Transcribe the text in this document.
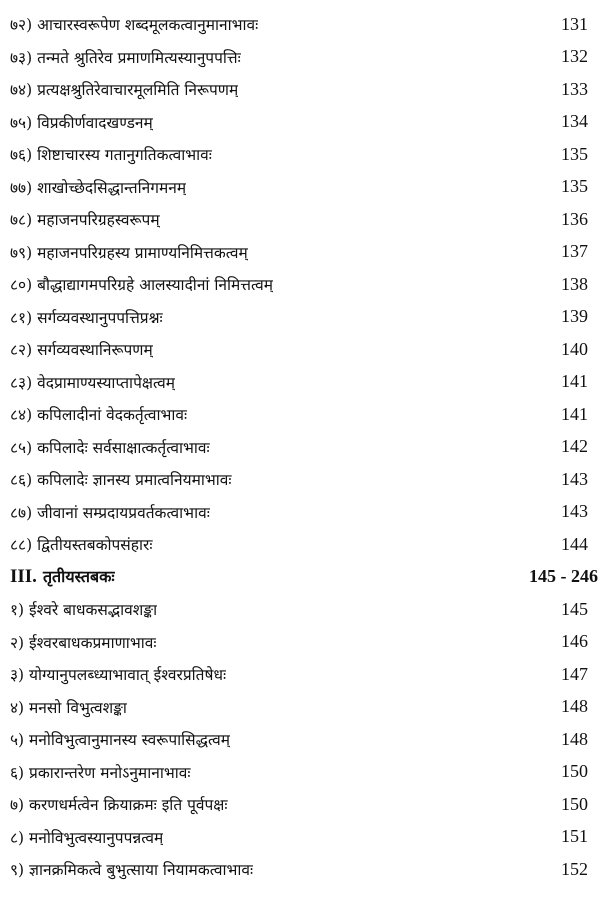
७२) आचारस्वरूपेण शब्दमूलकत्वानुमानाभावः	131
७३) तन्मते श्रुतिरेव प्रमाणमित्यस्यानुपपत्तिः	132
७४) प्रत्यक्षश्रुतिरेवाचारमूलमिति निरूपणम्	133
७५) विप्रकीर्णवादखण्डनम्	134
७६) शिष्टाचारस्य गतानुगतिकत्वाभावः	135
७७) शाखोच्छेदसिद्धान्तनिगमनम्	135
७८) महाजनपरिग्रहस्वरूपम्	136
७९) महाजनपरिग्रहस्य प्रामाण्यनिमित्तकत्वम्	137
८०) बौद्धाद्यागमपरिग्रहे आलस्यादीनां निमित्तत्वम्	138
८१) सर्गव्यवस्थानुपपत्तिप्रश्नः	139
८२) सर्गव्यवस्थानिरूपणम्	140
८३) वेदप्रामाण्यस्याप्तापेक्षत्वम्	141
८४) कपिलादीनां वेदकर्तृत्वाभावः	141
८५) कपिलादेः सर्वसाक्षात्कर्तृत्वाभावः	142
८६) कपिलादेः ज्ञानस्य प्रमात्वनियमाभावः	143
८७) जीवानां सम्प्रदायप्रवर्तकत्वाभावः	143
८८) द्वितीयस्तबकोपसंहारः	144
III. तृतीयस्तबकः	145 - 246
१) ईश्वरे बाधकसद्भावशङ्का	145
२) ईश्वरबाधकप्रमाणाभावः	146
३) योग्यानुपलब्ध्याभावात् ईश्वरप्रतिषेधः	147
४) मनसो विभुत्वशङ्का	148
५) मनोविभुत्वानुमानस्य स्वरूपासिद्धत्वम्	148
६) प्रकारान्तरेण मनोऽनुमानाभावः	150
७) करणधर्मत्वेन क्रियाक्रमः इति पूर्वपक्षः	150
८) मनोविभुत्वस्यानुपपन्नत्वम्	151
९) ज्ञानक्रमिकत्वे बुभुत्साया नियामकत्वाभावः	152
